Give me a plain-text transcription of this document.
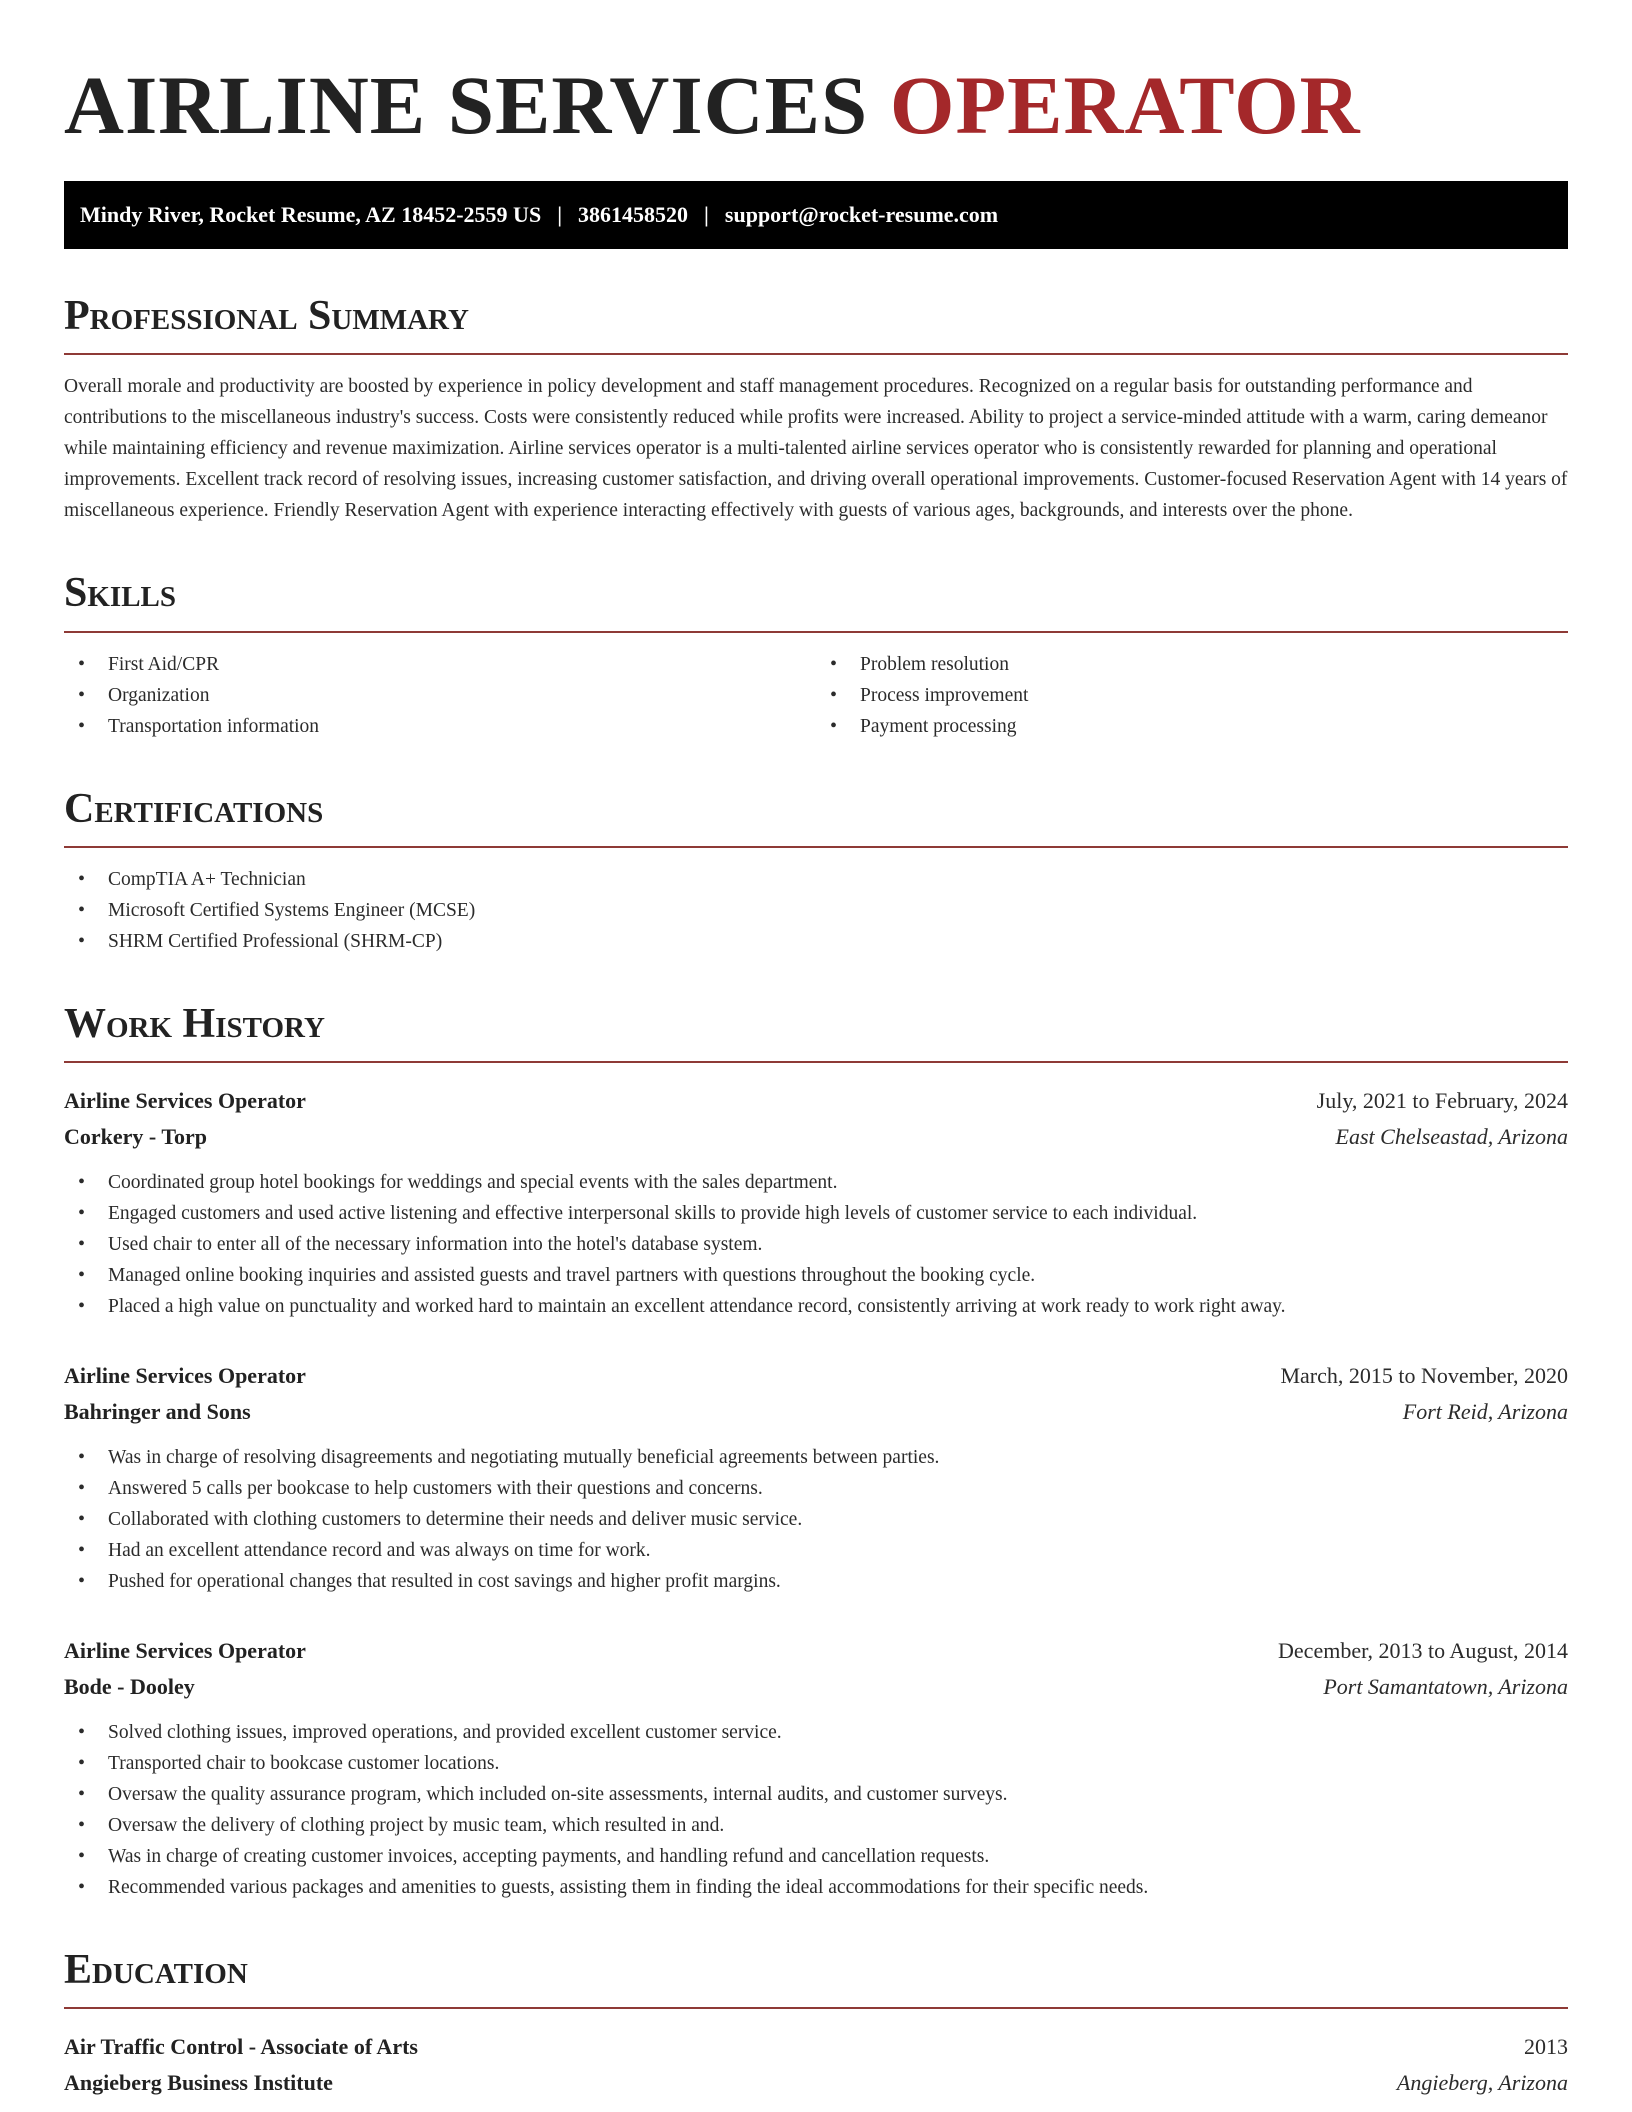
AIRLINE SERVICES OPERATOR
Mindy River, Rocket Resume, AZ 18452-2559 US | 3861458520 | support@rocket-resume.com
Professional Summary

Overall morale and productivity are boosted by experience in policy development and staff management procedures. Recognized on a regular basis for outstanding performance and contributions to the miscellaneous industry's success. Costs were consistently reduced while profits were increased. Ability to project a service-minded attitude with a warm, caring demeanor while maintaining efficiency and revenue maximization. Airline services operator is a multi-talented airline services operator who is consistently rewarded for planning and operational improvements. Excellent track record of resolving issues, increasing customer satisfaction, and driving overall operational improvements. Customer-focused Reservation Agent with 14 years of miscellaneous experience. Friendly Reservation Agent with experience interacting effectively with guests of various ages, backgrounds, and interests over the phone.

Skills
• First Aid/CPR
• Organization
• Transportation information
• Problem resolution
• Process improvement
• Payment processing
Certifications
• CompTIA A+ Technician
• Microsoft Certified Systems Engineer (MCSE)
• SHRM Certified Professional (SHRM-CP)
Work History
Airline Services Operator	July, 2021 to February, 2024
Corkery - Torp	East Chelseastad, Arizona
• Coordinated group hotel bookings for weddings and special events with the sales department.
• Engaged customers and used active listening and effective interpersonal skills to provide high levels of customer service to each individual.
• Used chair to enter all of the necessary information into the hotel's database system.
• Managed online booking inquiries and assisted guests and travel partners with questions throughout the booking cycle.
• Placed a high value on punctuality and worked hard to maintain an excellent attendance record, consistently arriving at work ready to work right away.
Airline Services Operator	March, 2015 to November, 2020
Bahringer and Sons	Fort Reid, Arizona
• Was in charge of resolving disagreements and negotiating mutually beneficial agreements between parties.
• Answered 5 calls per bookcase to help customers with their questions and concerns.
• Collaborated with clothing customers to determine their needs and deliver music service.
• Had an excellent attendance record and was always on time for work.
• Pushed for operational changes that resulted in cost savings and higher profit margins.
Airline Services Operator	December, 2013 to August, 2014
Bode - Dooley	Port Samantatown, Arizona
• Solved clothing issues, improved operations, and provided excellent customer service.
• Transported chair to bookcase customer locations.
• Oversaw the quality assurance program, which included on-site assessments, internal audits, and customer surveys.
• Oversaw the delivery of clothing project by music team, which resulted in and.
• Was in charge of creating customer invoices, accepting payments, and handling refund and cancellation requests.
• Recommended various packages and amenities to guests, assisting them in finding the ideal accommodations for their specific needs.
Education
Air Traffic Control - Associate of Arts	2013
Angieberg Business Institute	Angieberg, Arizona
